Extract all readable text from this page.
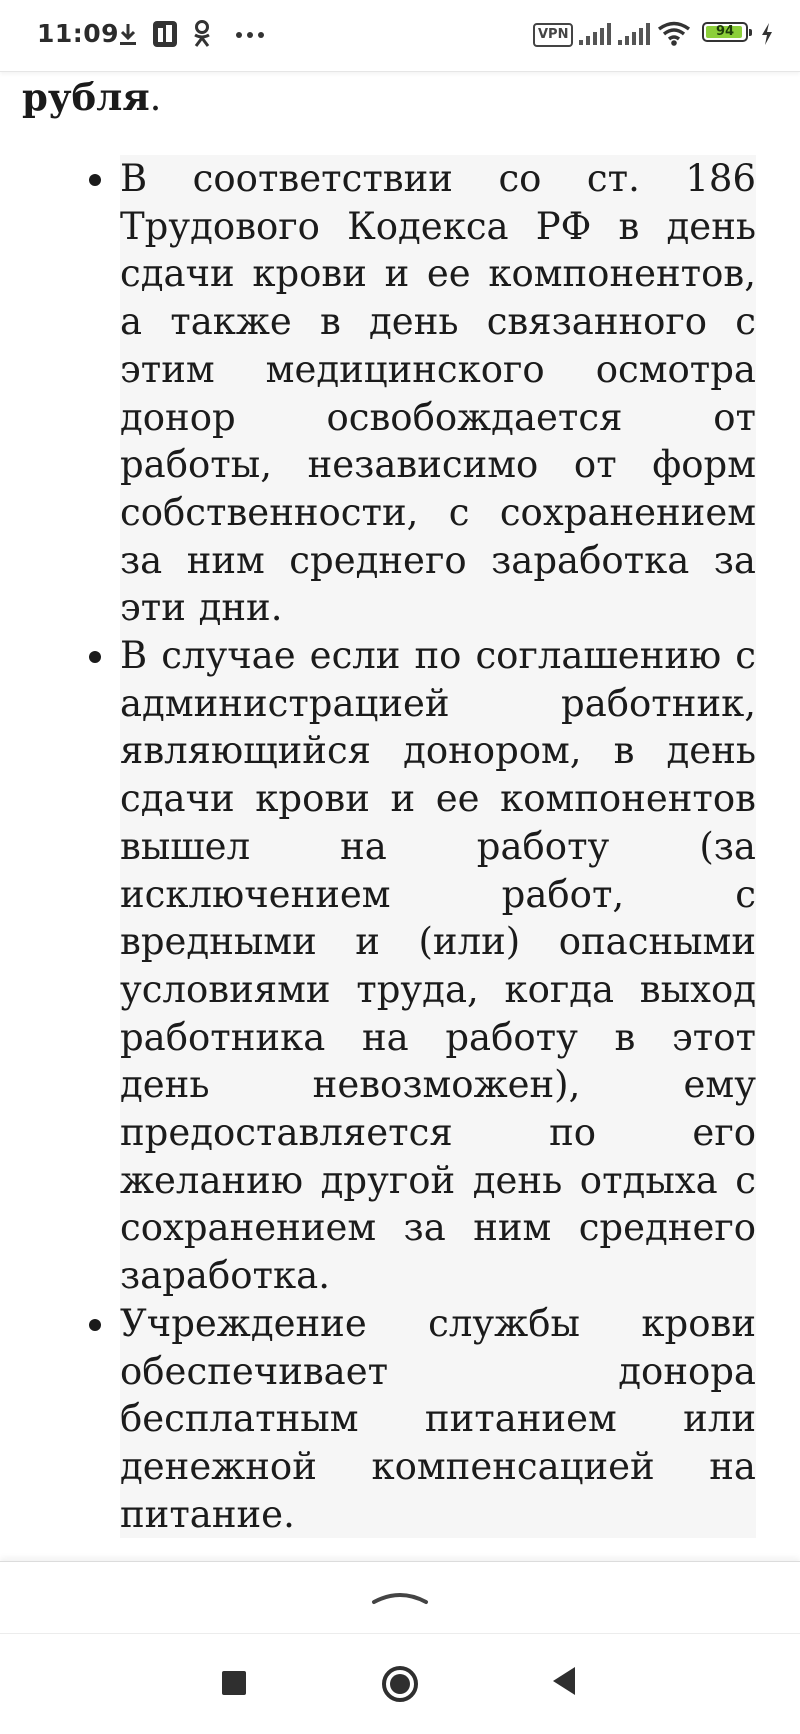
11:09	VPN	94
рубля.

В соответствии со ст. 186 Трудового Кодекса РФ в день сдачи крови и ее компонентов, а также в день связанного с этим медицинского осмотра донор освобождается от работы, независимо от форм собственности, с сохранением за ним среднего заработка за эти дни.

В случае если по соглашению с администрацией работник, являющийся донором, в день сдачи крови и ее компонентов вышел на работу (за исключением работ, с вредными и (или) опасными условиями труда, когда выход работника на работу в этот день невозможен), ему предоставляется по его желанию другой день отдыха с сохранением за ним среднего заработка.

Учреждение службы крови обеспечивает донора бесплатным питанием или денежной компенсацией на питание.
